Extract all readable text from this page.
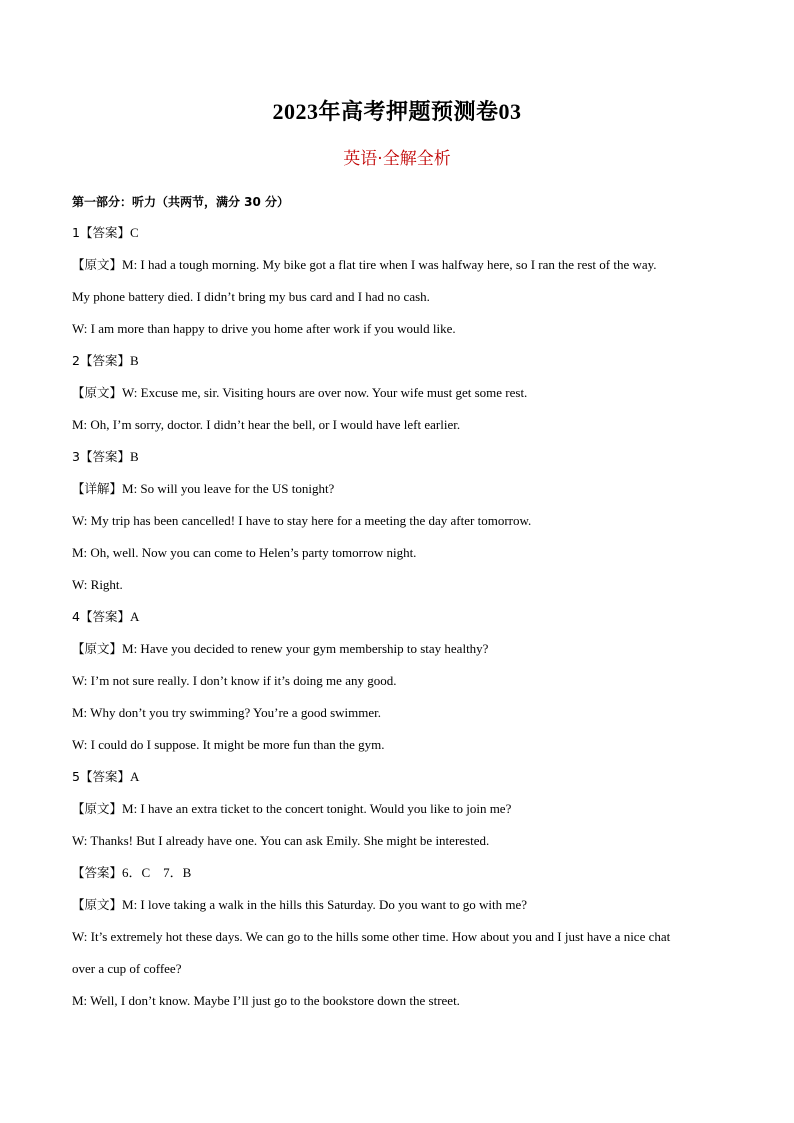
2023年高考押题预测卷03
英语·全解全析
第一部分：听力（共两节，满分 30 分）
1【答案】C
【原文】M: I had a tough morning. My bike got a flat tire when I was halfway here, so I ran the rest of the way.
My phone battery died. I didn’t bring my bus card and I had no cash.
W: I am more than happy to drive you home after work if you would like.
2【答案】B
【原文】W: Excuse me, sir. Visiting hours are over now. Your wife must get some rest.
M: Oh, I’m sorry, doctor. I didn’t hear the bell, or I would have left earlier.
3【答案】B
【详解】M: So will you leave for the US tonight?
W: My trip has been cancelled! I have to stay here for a meeting the day after tomorrow.
M: Oh, well. Now you can come to Helen’s party tomorrow night.
W: Right.
4【答案】A
【原文】M: Have you decided to renew your gym membership to stay healthy?
W: I’m not sure really. I don’t know if it’s doing me any good.
M: Why don’t you try swimming? You’re a good swimmer.
W: I could do I suppose. It might be more fun than the gym.
5【答案】A
【原文】M: I have an extra ticket to the concert tonight. Would you like to join me?
W: Thanks! But I already have one. You can ask Emily. She might be interested.
【答案】6．C　7．B
【原文】M: I love taking a walk in the hills this Saturday. Do you want to go with me?
W: It’s extremely hot these days. We can go to the hills some other time. How about you and I just have a nice chat
over a cup of coffee?
M: Well, I don’t know. Maybe I’ll just go to the bookstore down the street.
